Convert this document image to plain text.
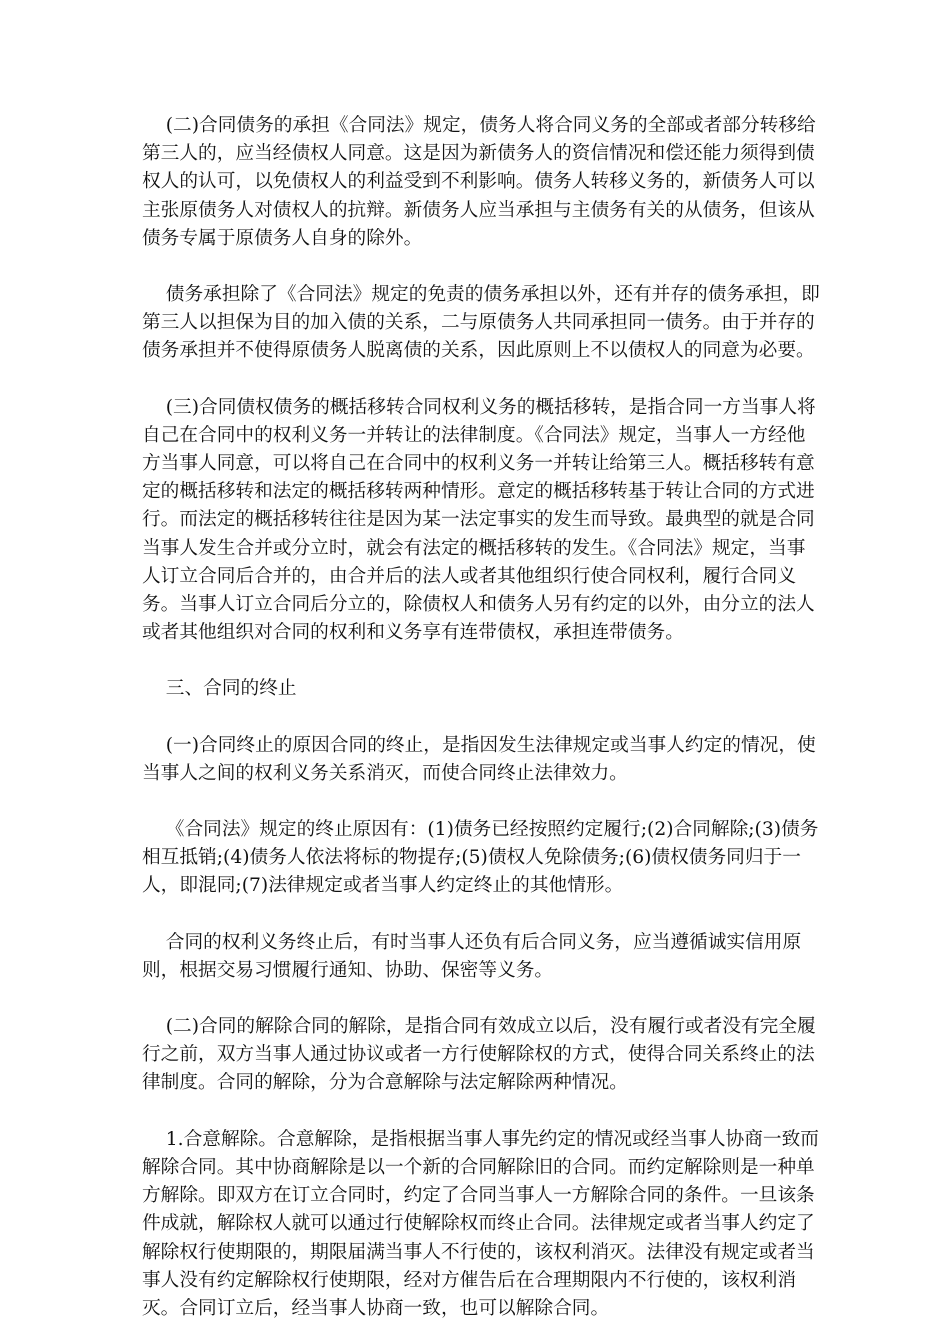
(二)合同债务的承担《合同法》规定，债务人将合同义务的全部或者部分转移给第三人的，应当经债权人同意。这是因为新债务人的资信情况和偿还能力须得到债权人的认可，以免债权人的利益受到不利影响。债务人转移义务的，新债务人可以主张原债务人对债权人的抗辩。新债务人应当承担与主债务有关的从债务，但该从债务专属于原债务人自身的除外。

债务承担除了《合同法》规定的免责的债务承担以外，还有并存的债务承担，即第三人以担保为目的加入债的关系，二与原债务人共同承担同一债务。由于并存的债务承担并不使得原债务人脱离债的关系，因此原则上不以债权人的同意为必要。

(三)合同债权债务的概括移转合同权利义务的概括移转，是指合同一方当事人将自己在合同中的权利义务一并转让的法律制度。《合同法》规定，当事人一方经他方当事人同意，可以将自己在合同中的权利义务一并转让给第三人。概括移转有意定的概括移转和法定的概括移转两种情形。意定的概括移转基于转让合同的方式进行。而法定的概括移转往往是因为某一法定事实的发生而导致。最典型的就是合同当事人发生合并或分立时，就会有法定的概括移转的发生。《合同法》规定，当事人订立合同后合并的，由合并后的法人或者其他组织行使合同权利，履行合同义务。当事人订立合同后分立的，除债权人和债务人另有约定的以外，由分立的法人或者其他组织对合同的权利和义务享有连带债权，承担连带债务。

三、合同的终止

(一)合同终止的原因合同的终止，是指因发生法律规定或当事人约定的情况，使当事人之间的权利义务关系消灭，而使合同终止法律效力。

《合同法》规定的终止原因有：(1)债务已经按照约定履行;(2)合同解除;(3)债务相互抵销;(4)债务人依法将标的物提存;(5)债权人免除债务;(6)债权债务同归于一人，即混同;(7)法律规定或者当事人约定终止的其他情形。

合同的权利义务终止后，有时当事人还负有后合同义务，应当遵循诚实信用原则，根据交易习惯履行通知、协助、保密等义务。

(二)合同的解除合同的解除，是指合同有效成立以后，没有履行或者没有完全履行之前，双方当事人通过协议或者一方行使解除权的方式，使得合同关系终止的法律制度。合同的解除，分为合意解除与法定解除两种情况。

1.合意解除。合意解除，是指根据当事人事先约定的情况或经当事人协商一致而解除合同。其中协商解除是以一个新的合同解除旧的合同。而约定解除则是一种单方解除。即双方在订立合同时，约定了合同当事人一方解除合同的条件。一旦该条件成就，解除权人就可以通过行使解除权而终止合同。法律规定或者当事人约定了解除权行使期限的，期限届满当事人不行使的，该权利消灭。法律没有规定或者当事人没有约定解除权行使期限，经对方催告后在合理期限内不行使的，该权利消灭。合同订立后，经当事人协商一致，也可以解除合同。
